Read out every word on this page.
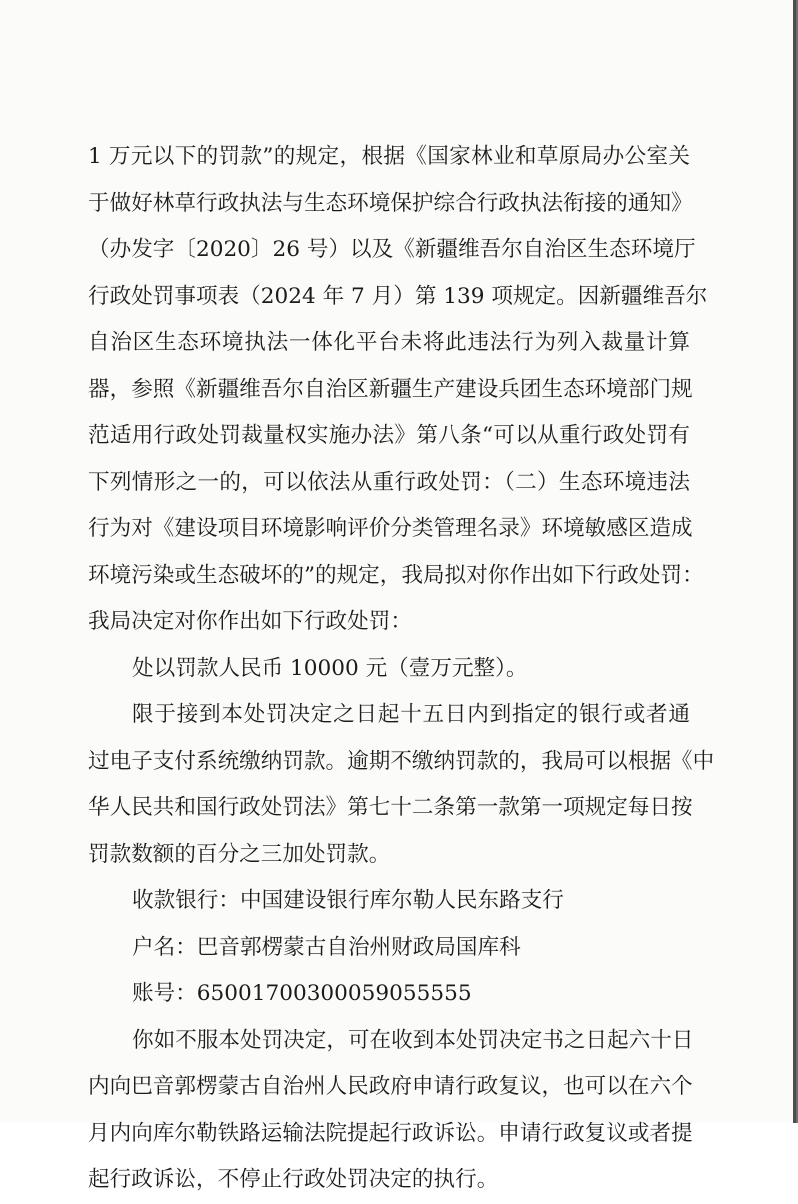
1 万元以下的罚款”的规定，根据《国家林业和草原局办公室关
于做好林草行政执法与生态环境保护综合行政执法衔接的通知》
（办发字〔2020〕26 号）以及《新疆维吾尔自治区生态环境厅
行政处罚事项表（2024 年 7 月）第 139 项规定。因新疆维吾尔
自治区生态环境执法一体化平台未将此违法行为列入裁量计算
器，参照《新疆维吾尔自治区新疆生产建设兵团生态环境部门规
范适用行政处罚裁量权实施办法》第八条“可以从重行政处罚有
下列情形之一的，可以依法从重行政处罚：（二）生态环境违法
行为对《建设项目环境影响评价分类管理名录》环境敏感区造成
环境污染或生态破坏的”的规定，我局拟对你作出如下行政处罚：
我局决定对你作出如下行政处罚：
处以罚款人民币 10000 元（壹万元整）。
限于接到本处罚决定之日起十五日内到指定的银行或者通
过电子支付系统缴纳罚款。逾期不缴纳罚款的，我局可以根据《中
华人民共和国行政处罚法》第七十二条第一款第一项规定每日按
罚款数额的百分之三加处罚款。
收款银行：中国建设银行库尔勒人民东路支行
户名：巴音郭楞蒙古自治州财政局国库科
账号：65001700300059055555
你如不服本处罚决定，可在收到本处罚决定书之日起六十日
内向巴音郭楞蒙古自治州人民政府申请行政复议，也可以在六个
月内向库尔勒铁路运输法院提起行政诉讼。申请行政复议或者提
起行政诉讼，不停止行政处罚决定的执行。
